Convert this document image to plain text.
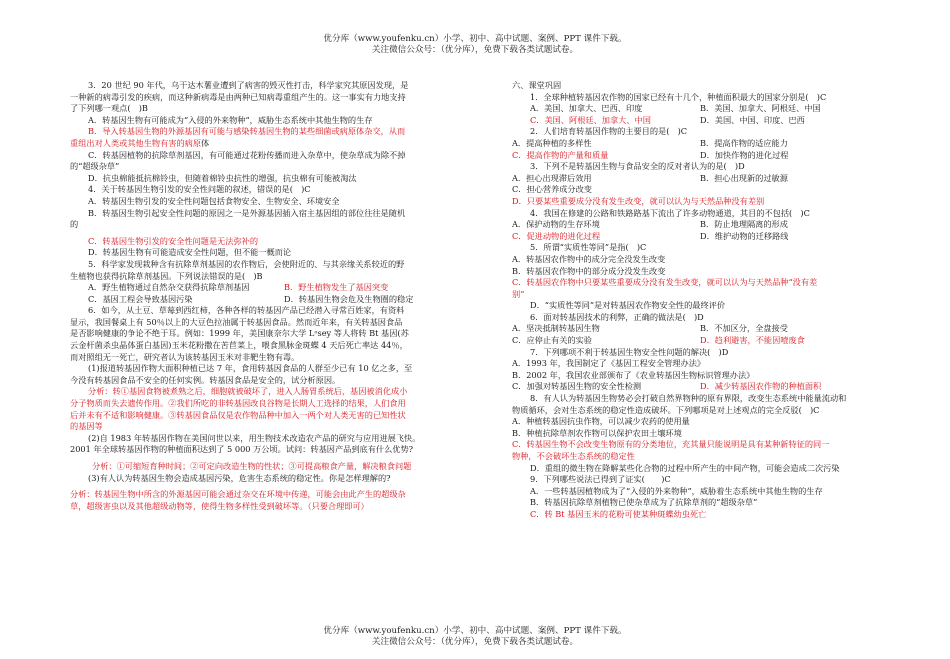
优分库（www.youfenku.cn）小学、初中、高中试题、案例、PPT 课件下载。
关注微信公众号：（优分库），免费下载各类试题试卷。
3．20 世纪 90 年代，乌干达木薯业遭到了病害的毁灭性打击，科学家究其原因发现，是
一种新的病毒引发的疾病，而这种新病毒是由两种已知病毒重组产生的。这一事实有力地支持
了下列哪一观点(　)B
A．转基因生物有可能成为“入侵的外来物种”，威胁生态系统中其他生物的生存
B．导入转基因生物的外源基因有可能与感染转基因生物的某些细菌或病原体杂交，从而
重组出对人类或其他生物有害的病原体
C．转基因植物的抗除草剂基因，有可能通过花粉传播而进入杂草中，使杂草成为除不掉
的“超级杂草”
D．抗虫棉能抵抗棉铃虫，但随着棉铃虫抗性的增强，抗虫棉有可能被淘汰
4．关于转基因生物引发的安全性问题的叙述，错误的是(　)C
A．转基因生物引发的安全性问题包括食物安全、生物安全、环境安全
B．转基因生物引起安全性问题的原因之一是外源基因插入宿主基因组的部位往往是随机
的
C．转基因生物引发的安全性问题是无法弥补的
D．转基因生物有可能造成安全性问题，但不能一概而论
5．科学家发现栽种含有抗除草剂基因的农作物后，会使附近的、与其亲缘关系较近的野
生植物也获得抗除草剂基因。下列说法错误的是(　)B
A．野生植物通过自然杂交获得抗除草剂基因	B．野生植物发生了基因突变
C．基因工程会导致基因污染	D．转基因生物会危及生物圈的稳定
6．如今，从土豆、草莓到西红柿，各种各样的转基因产品已经潜入寻常百姓家，有资料
显示，我国餐桌上有 50％以上的大豆色拉油属于转基因食品。然而近年来，有关转基因食品
是否影响健康的争论不绝于耳。例如：1999 年，美国康奈尔大学 Lᵒsey 等人将转 Bt 基因(苏
云金杆菌杀虫晶体蛋白基因)玉米花粉撒在苦苣菜上，喂食黑脉金斑蝶 4 天后死亡率达 44％，
而对照组无一死亡，研究者认为该转基因玉米对非靶生物有毒。
(1)报道转基因作物大面积种植已达 7 年，食用转基因食品的人群至少已有 10 亿之多，至
今没有转基因食品不安全的任何实例。转基因食品是安全的，试分析原因。
分析：转①基因食物被煮熟之后，细胞就被破坏了，进入人肠胃系统后，基因被消化成小
分子物质而失去遗传作用。②我们所吃的非转基因改良谷物是长期人工选择的结果，人们食用
后并未有不适和影响健康。③转基因食品仅是农作物品种中加入一两个对人类无害的已知性状
的基因等
(2)自 1983 年转基因作物在美国问世以来，用生物技术改造农产品的研究与应用进展飞快。
2001 年全球转基因作物的种植面积达到了 5 000 万公顷。试问：转基因产品到底有什么优势?
分析：①可缩短育种时间；②可定向改造生物的性状；③可提高粮食产量，解决粮食问题
(3)有人认为转基因生物会造成基因污染，危害生态系统的稳定性。你是怎样理解的?
分析：转基因生物中所含的外源基因可能会通过杂交在环境中传递，可能会由此产生的超级杂
草，超级害虫以及其他超级动物等，使得生物多样性受到破坏等。（只要合理即可）
六、课堂巩固
1．全球种植转基因农作物的国家已经有十几个，种植面积最大的国家分别是(　)C
A．美国、加拿大、巴西、印度	B．美国、加拿大、阿根廷、中国
C．美国、阿根廷、加拿大、中国	D．美国、中国、印度、巴西
2．人们培育转基因作物的主要目的是(　)C
A．提高种植的多样性	B．提高作物的适应能力
C．提高作物的产量和质量	D．加快作物的进化过程
3．下列不是转基因生物与食品安全的反对者认为的是(　)D
A．担心出现滞后效用	B．担心出现新的过敏源
C．担心营养成分改变
D．只要某些重要成分没有发生改变，就可以认为与天然品种没有差别
4．我国在修建的公路和铁路路基下流出了许多动物通道，其目的不包括(　)C
A．保护动物的生存环境	B．防止地理隔离的形成
C．促进动物的进化过程	D．维护动物的迁移路线
5．所谓“实质性等同”是指(　)C
A．转基因农作物中的成分完全没发生改变
B．转基因农作物中的部分成分没发生改变
C．转基因农作物中只要某些重要成分没有发生改变，就可以认为与天然品种“没有差
别”
D．“实质性等同”是对转基因农作物安全性的最终评价
6．面对转基因技术的利弊，正确的做法是(　)D
A．坚决抵制转基因生物	B．不加区分，全盘接受
C．应停止有关的实验	D．趋利避害，不能因噎废食
7．下列哪项不利于转基因生物安全性问题的解决(　)D
A．1993 年，我国制定了《基因工程安全管理办法》
B．2002 年，我国农业部颁布了《农业转基因生物标识管理办法》
C．加强对转基因生物的安全性检测	D．减少转基因农作物的种植面积
8．有人认为转基因生物势必会打破自然界物种的原有界限，改变生态系统中能量流动和
物质循环，会对生态系统的稳定性造成破坏。下列哪项是对上述观点的完全反驳(　)C
A．种植转基因抗虫作物，可以减少农药的使用量
B．种植抗除草剂农作物可以保护农田土壤环境
C．转基因生物不会改变生物原有的分类地位，充其量只能说明是具有某种新特征的同一
物种，不会破坏生态系统的稳定性
D．重组的微生物在降解某些化合物的过程中所产生的中间产物，可能会造成二次污染
9．下列哪些说法已得到了证实(　　)C
A．一些转基因植物成为了“入侵的外来物种”，威胁着生态系统中其他生物的生存
B．转基因抗除草剂植物已使杂草成为了抗除草剂的“超级杂草”
C．转 Bt 基因玉米的花粉可使某种斑蝶幼虫死亡
优分库（www.youfenku.cn）小学、初中、高中试题、案例、PPT 课件下载。
关注微信公众号：（优分库），免费下载各类试题试卷。
